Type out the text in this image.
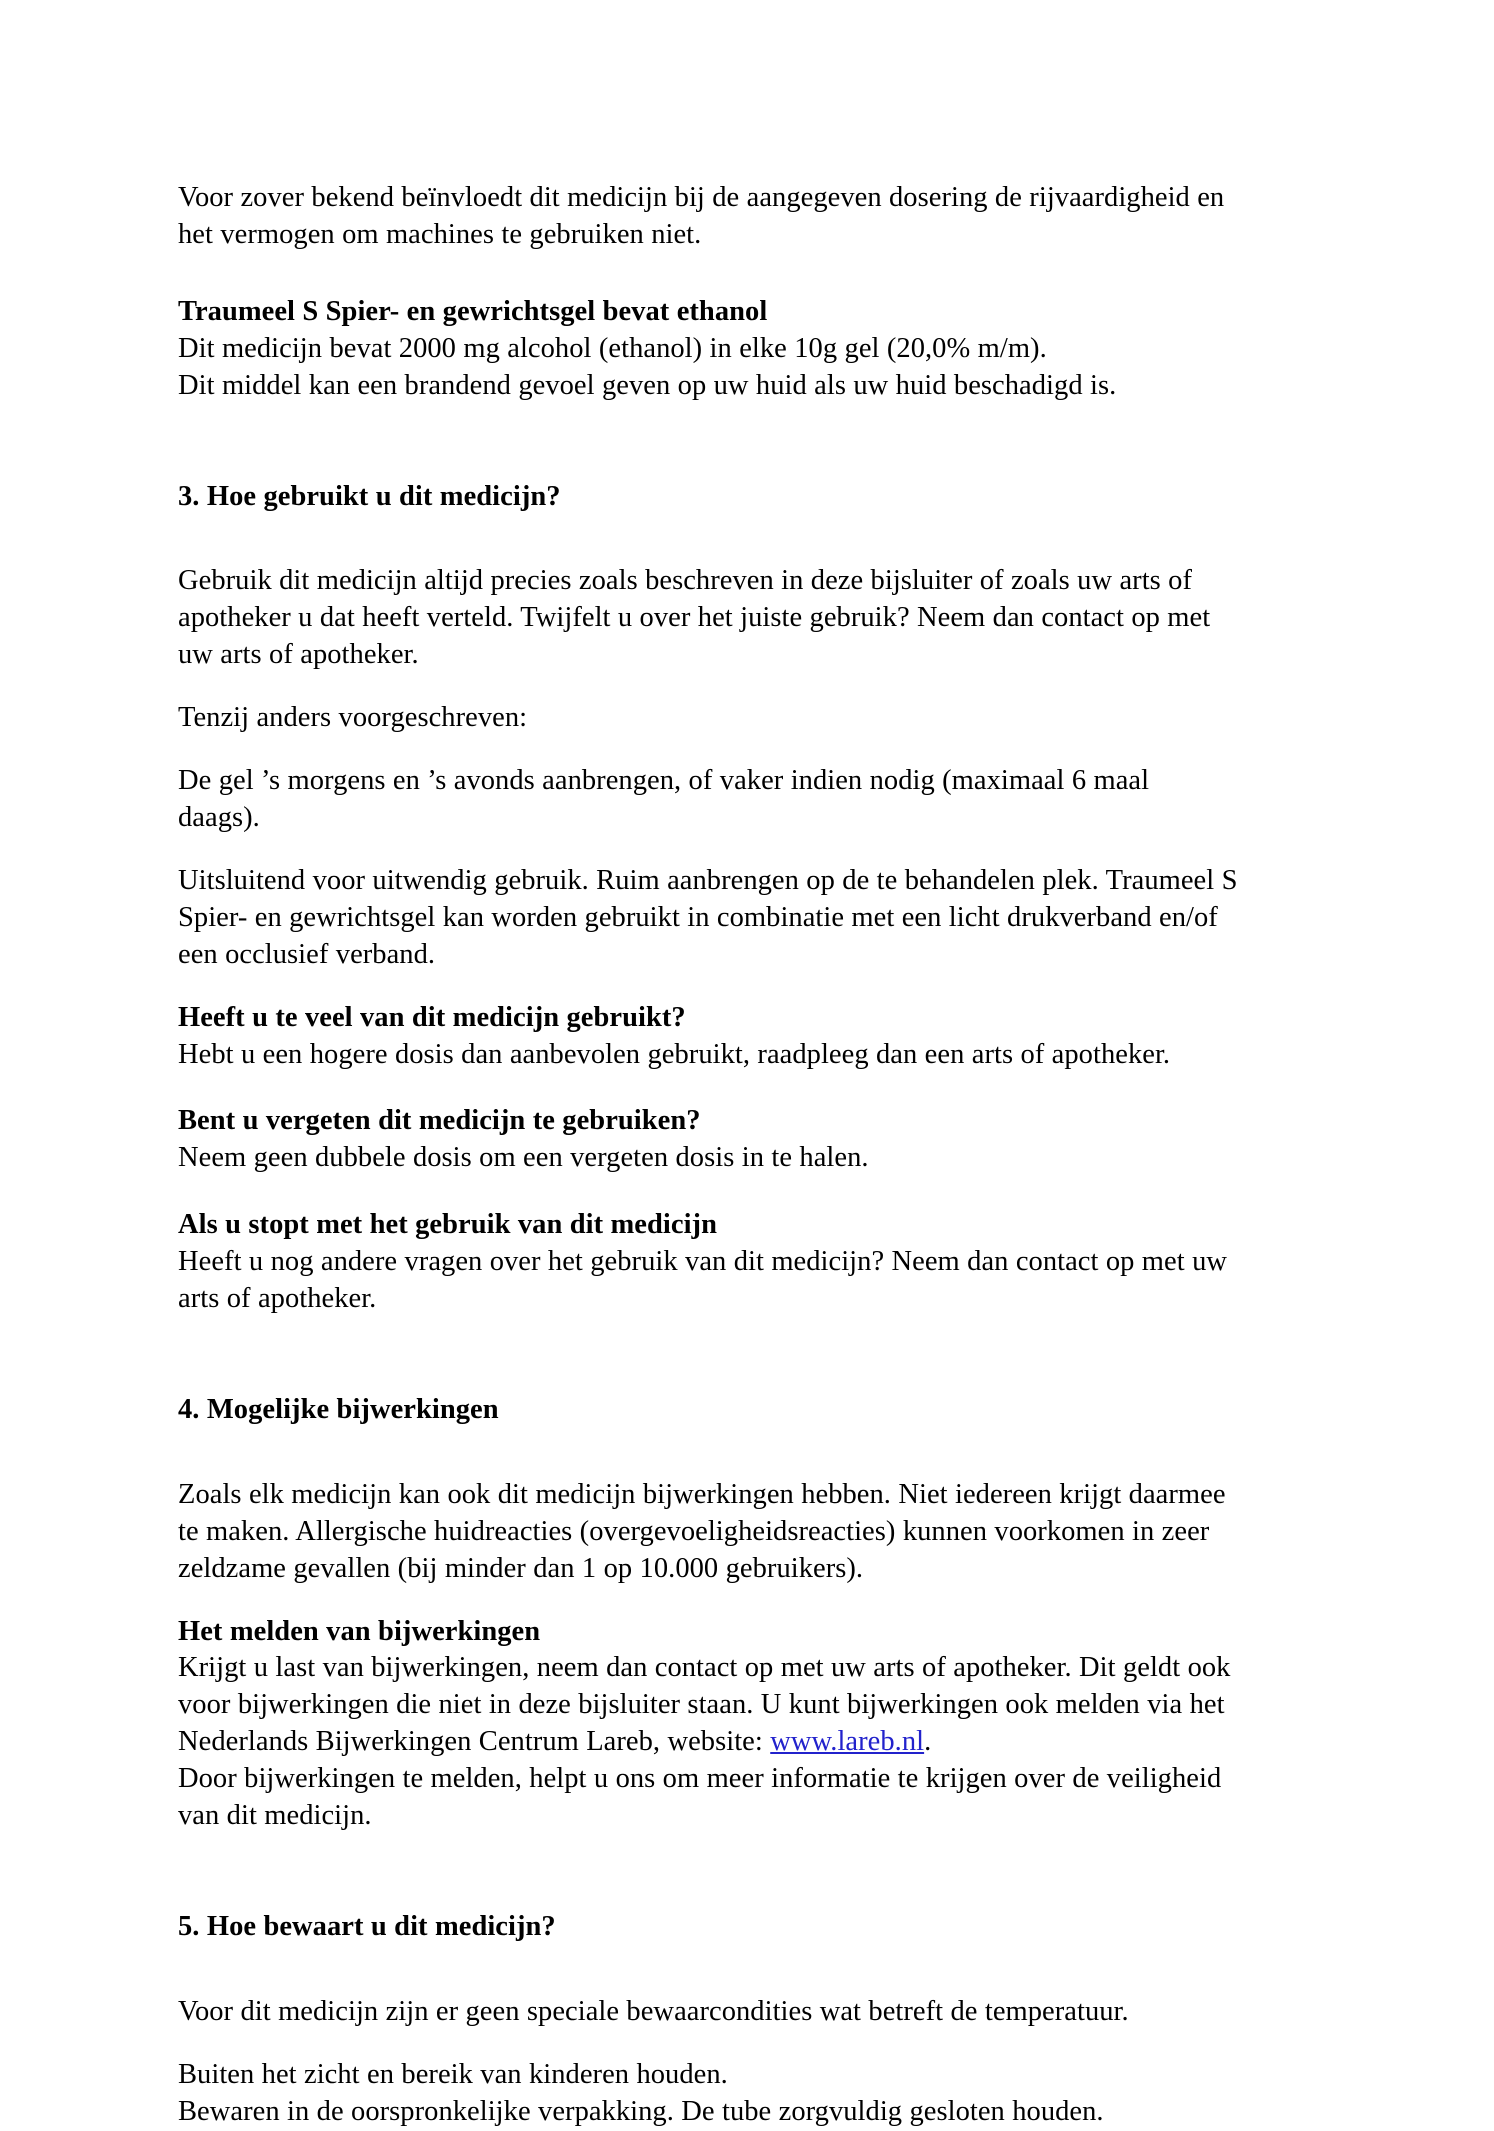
Voor zover bekend beïnvloedt dit medicijn bij de aangegeven dosering de rijvaardigheid en het vermogen om machines te gebruiken niet.

Traumeel S Spier- en gewrichtsgel bevat ethanol

Dit medicijn bevat 2000 mg alcohol (ethanol) in elke 10g gel (20,0% m/m).

Dit middel kan een brandend gevoel geven op uw huid als uw huid beschadigd is.

3. Hoe gebruikt u dit medicijn?

Gebruik dit medicijn altijd precies zoals beschreven in deze bijsluiter of zoals uw arts of apotheker u dat heeft verteld. Twijfelt u over het juiste gebruik? Neem dan contact op met uw arts of apotheker.

Tenzij anders voorgeschreven:

De gel ’s morgens en ’s avonds aanbrengen, of vaker indien nodig (maximaal 6 maal daags).

Uitsluitend voor uitwendig gebruik. Ruim aanbrengen op de te behandelen plek. Traumeel S Spier- en gewrichtsgel kan worden gebruikt in combinatie met een licht drukverband en/of een occlusief verband.

Heeft u te veel van dit medicijn gebruikt?

Hebt u een hogere dosis dan aanbevolen gebruikt, raadpleeg dan een arts of apotheker.

Bent u vergeten dit medicijn te gebruiken?

Neem geen dubbele dosis om een vergeten dosis in te halen.

Als u stopt met het gebruik van dit medicijn

Heeft u nog andere vragen over het gebruik van dit medicijn? Neem dan contact op met uw arts of apotheker.

4. Mogelijke bijwerkingen

Zoals elk medicijn kan ook dit medicijn bijwerkingen hebben. Niet iedereen krijgt daarmee te maken. Allergische huidreacties (overgevoeligheidsreacties) kunnen voorkomen in zeer zeldzame gevallen (bij minder dan 1 op 10.000 gebruikers).

Het melden van bijwerkingen

Krijgt u last van bijwerkingen, neem dan contact op met uw arts of apotheker. Dit geldt ook voor bijwerkingen die niet in deze bijsluiter staan. U kunt bijwerkingen ook melden via het Nederlands Bijwerkingen Centrum Lareb, website: www.lareb.nl.

Door bijwerkingen te melden, helpt u ons om meer informatie te krijgen over de veiligheid van dit medicijn.

5. Hoe bewaart u dit medicijn?

Voor dit medicijn zijn er geen speciale bewaarcondities wat betreft de temperatuur.

Buiten het zicht en bereik van kinderen houden.

Bewaren in de oorspronkelijke verpakking. De tube zorgvuldig gesloten houden.
